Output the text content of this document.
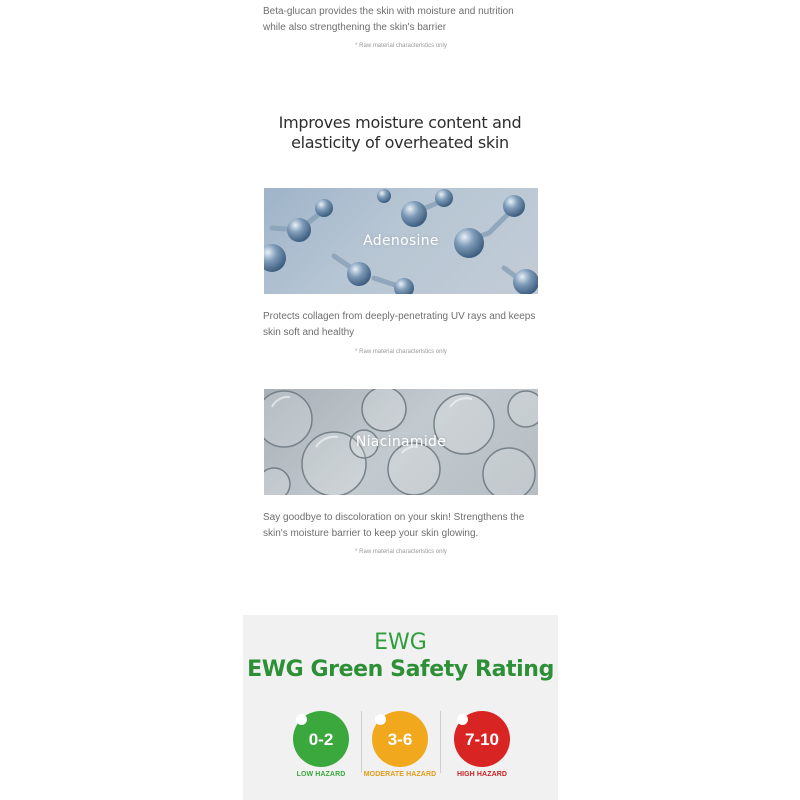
Beta-glucan provides the skin with moisture and nutrition while also strengthening the skin's barrier
* Raw material characteristics only
Improves moisture content and
elasticity of overheated skin
Adenosine
Protects collagen from deeply-penetrating UV rays and keeps skin soft and healthy
* Raw material characteristics only
Niacinamide
Say goodbye to discoloration on your skin! Strengthens the skin's moisture barrier to keep your skin glowing.
* Raw material characteristics only
EWG
EWG Green Safety Rating
0-2	3-6	7-10
LOW HAZARD	MODERATE HAZARD	HIGH HAZARD
